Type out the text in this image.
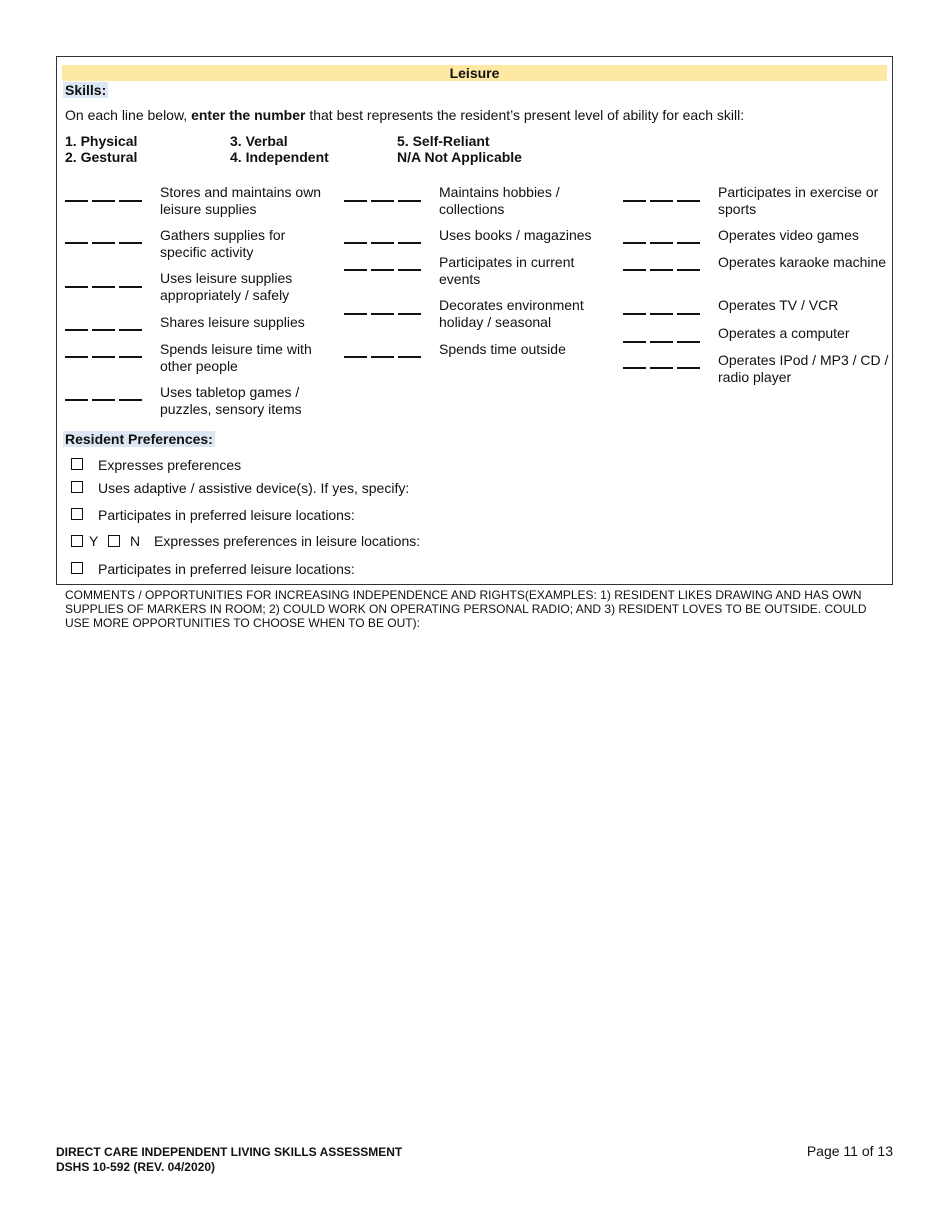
Leisure
Skills:
On each line below, enter the number that best represents the resident’s present level of ability for each skill:
1. Physical
2. Gestural
3. Verbal
4. Independent
5. Self-Reliant
N/A Not Applicable
Stores and maintains own leisure supplies
Gathers supplies for specific activity
Uses leisure supplies appropriately / safely
Shares leisure supplies
Spends leisure time with other people
Uses tabletop games / puzzles, sensory items
Maintains hobbies / collections
Uses books / magazines
Participates in current events
Decorates environment holiday / seasonal
Spends time outside
Participates in exercise or sports
Operates video games
Operates karaoke machine
Operates TV / VCR
Operates a computer
Operates IPod / MP3 / CD / radio player
Resident Preferences:
Expresses preferences
Uses adaptive / assistive device(s). If yes, specify:
Participates in preferred leisure locations:
Y N Expresses preferences in leisure locations:
Participates in preferred leisure locations:
COMMENTS / OPPORTUNITIES FOR INCREASING INDEPENDENCE AND RIGHTS(EXAMPLES: 1) RESIDENT LIKES DRAWING AND HAS OWN SUPPLIES OF MARKERS IN ROOM; 2) COULD WORK ON OPERATING PERSONAL RADIO; AND 3) RESIDENT LOVES TO BE OUTSIDE. COULD USE MORE OPPORTUNITIES TO CHOOSE WHEN TO BE OUT):
DIRECT CARE INDEPENDENT LIVING SKILLS ASSESSMENT
DSHS 10-592 (REV. 04/2020)
Page 11 of 13
